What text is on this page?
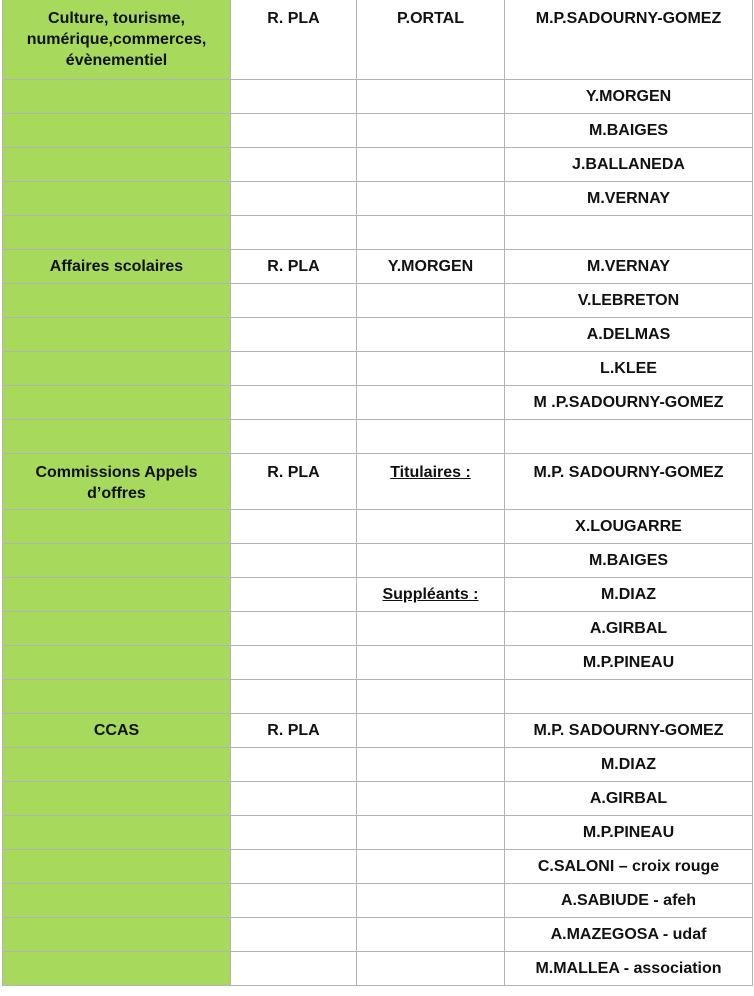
Culture, tourisme, numérique,commerces, évènementiel	R. PLA	P.ORTAL	M.P.SADOURNY-GOMEZ
			Y.MORGEN
			M.BAIGES
			J.BALLANEDA
			M.VERNAY

Affaires scolaires	R. PLA	Y.MORGEN	M.VERNAY
			V.LEBRETON
			A.DELMAS
			L.KLEE
			M .P.SADOURNY-GOMEZ

Commissions Appels d’offres	R. PLA	Titulaires :	M.P. SADOURNY-GOMEZ
			X.LOUGARRE
			M.BAIGES
		Suppléants :	M.DIAZ
			A.GIRBAL
			M.P.PINEAU

CCAS	R. PLA		M.P. SADOURNY-GOMEZ
			M.DIAZ
			A.GIRBAL
			M.P.PINEAU
			C.SALONI – croix rouge
			A.SABIUDE - afeh
			A.MAZEGOSA - udaf
			M.MALLEA - association
